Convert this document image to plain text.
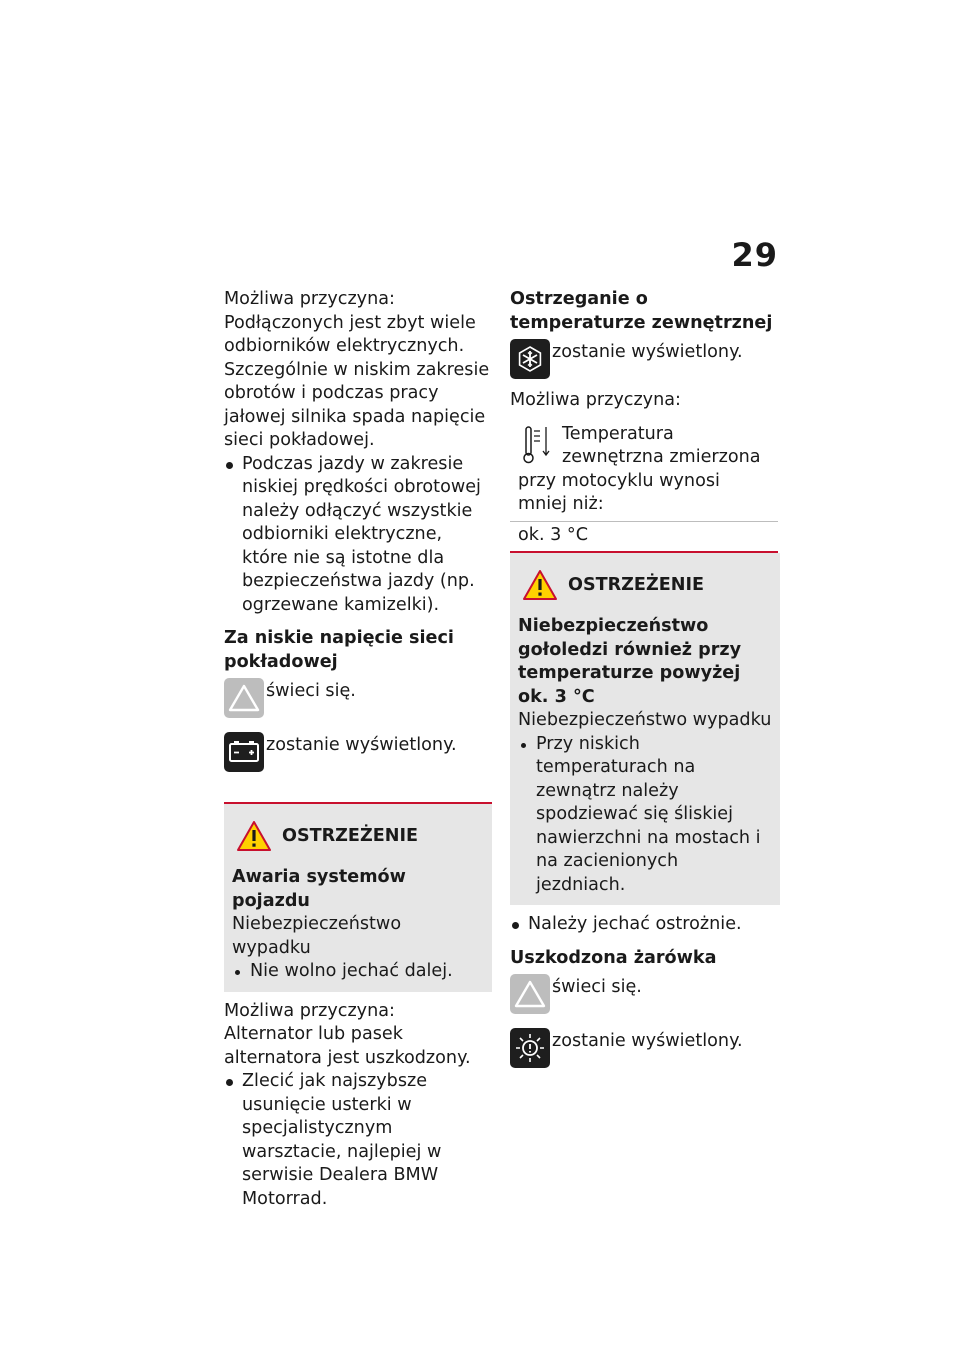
29

Możliwa przyczyna:

Podłączonych jest zbyt wiele odbiorników elektrycznych. Szczególnie w niskim zakresie obrotów i podczas pracy jałowej silnika spada napięcie sieci pokładowej.

Podczas jazdy w zakresie niskiej prędkości obrotowej należy odłączyć wszystkie odbiorniki elektryczne, które nie są istotne dla bezpieczeństwa jazdy (np. ogrzewane kamizelki).

Za niskie napięcie sieci pokładowej

świeci się.

zostanie wyświetlony.

OSTRZEŻENIE

Awaria systemów pojazdu

Niebezpieczeństwo wypadku

Nie wolno jechać dalej.

Możliwa przyczyna:

Alternator lub pasek alternatora jest uszkodzony.

Zlecić jak najszybsze usunięcie usterki w specjalistycznym warsztacie, najlepiej w serwisie Dealera BMW Motorrad.

Ostrzeganie o temperaturze zewnętrznej

zostanie wyświetlony.

Możliwa przyczyna:

Temperatura zewnętrzna zmierzona przy motocyklu wynosi mniej niż:
ok. 3 °C
OSTRZEŻENIE

Niebezpieczeństwo gołoledzi również przy temperaturze powyżej ok. 3 °C

Niebezpieczeństwo wypadku

Przy niskich temperaturach na zewnątrz należy spodziewać się śliskiej nawierzchni na mostach i na zacienionych jezdniach.
Należy jechać ostrożnie.

Uszkodzona żarówka

świeci się.

zostanie wyświetlony.
